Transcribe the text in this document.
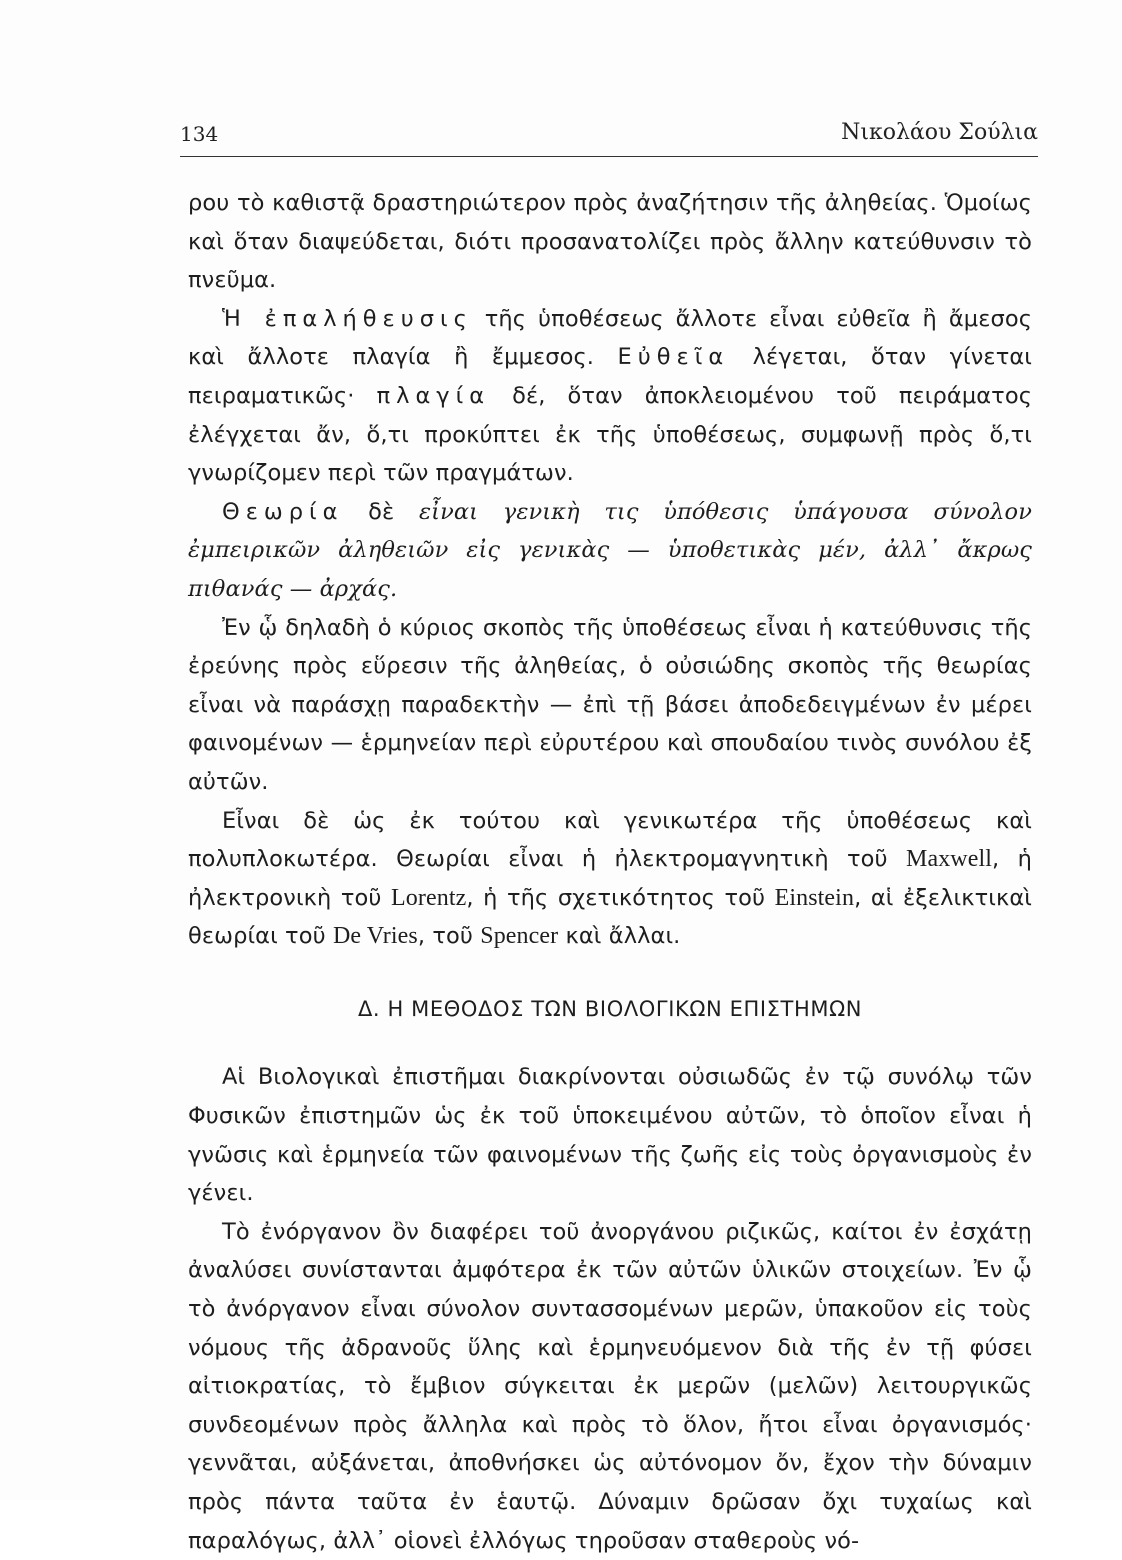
134	Νικολάου Σούλια

ρου τὸ καθιστᾷ δραστηριώτερον πρὸς ἀναζήτησιν τῆς ἀληθείας. Ὁμοίως καὶ ὅταν διαψεύδεται, διότι προσανατολίζει πρὸς ἄλλην κατεύθυνσιν τὸ πνεῦμα.

Ἡ ἐπαλήθευσις τῆς ὑποθέσεως ἄλλοτε εἶναι εὐθεῖα ἢ ἄμεσος καὶ ἄλλοτε πλαγία ἢ ἔμμεσος. Εὐθεῖα λέγεται, ὅταν γίνεται πειραματικῶς· πλαγία δέ, ὅταν ἀποκλειομένου τοῦ πειράματος ἐλέγχεται ἄν, ὅ,τι προκύπτει ἐκ τῆς ὑποθέσεως, συμφωνῇ πρὸς ὅ,τι γνωρίζομεν περὶ τῶν πραγμάτων.

Θεωρία δὲ εἶναι γενικὴ τις ὑπόθεσις ὑπάγουσα σύνολον ἐμπειρικῶν ἀληθειῶν εἰς γενικὰς — ὑποθετικὰς μέν, ἀλλ᾽ ἄκρως πιθανάς — ἀρχάς.

Ἐν ᾧ δηλαδὴ ὁ κύριος σκοπὸς τῆς ὑποθέσεως εἶναι ἡ κατεύθυνσις τῆς ἐρεύνης πρὸς εὕρεσιν τῆς ἀληθείας, ὁ οὐσιώδης σκοπὸς τῆς θεωρίας εἶναι νὰ παράσχῃ παραδεκτὴν — ἐπὶ τῇ βάσει ἀποδεδειγμένων ἐν μέρει φαινομένων — ἑρμηνείαν περὶ εὐρυτέρου καὶ σπουδαίου τινὸς συνόλου ἐξ αὐτῶν.

Εἶναι δὲ ὡς ἐκ τούτου καὶ γενικωτέρα τῆς ὑποθέσεως καὶ πολυπλοκωτέρα. Θεωρίαι εἶναι ἡ ἠλεκτρομαγνητικὴ τοῦ Maxwell, ἡ ἠλεκτρονικὴ τοῦ Lorentz, ἡ τῆς σχετικότητος τοῦ Einstein, αἱ ἐξελικτικαὶ θεωρίαι τοῦ De Vries, τοῦ Spencer καὶ ἄλλαι.

Δ. Η ΜΕΘΟΔΟΣ ΤΩΝ ΒΙΟΛΟΓΙΚΩΝ ΕΠΙΣΤΗΜΩΝ

Αἱ Βιολογικαὶ ἐπιστῆμαι διακρίνονται οὐσιωδῶς ἐν τῷ συνόλῳ τῶν Φυσικῶν ἐπιστημῶν ὡς ἐκ τοῦ ὑποκειμένου αὐτῶν, τὸ ὁποῖον εἶναι ἡ γνῶσις καὶ ἑρμηνεία τῶν φαινομένων τῆς ζωῆς εἰς τοὺς ὀργανισμοὺς ἐν γένει.

Τὸ ἐνόργανον ὂν διαφέρει τοῦ ἀνοργάνου ριζικῶς, καίτοι ἐν ἐσχάτῃ ἀναλύσει συνίστανται ἀμφότερα ἐκ τῶν αὐτῶν ὑλικῶν στοιχείων. Ἐν ᾧ τὸ ἀνόργανον εἶναι σύνολον συντασσομένων μερῶν, ὑπακοῦον εἰς τοὺς νόμους τῆς ἀδρανοῦς ὕλης καὶ ἑρμηνευόμενον διὰ τῆς ἐν τῇ φύσει αἰτιοκρατίας, τὸ ἔμβιον σύγκειται ἐκ μερῶν (μελῶν) λειτουργικῶς συνδεομένων πρὸς ἄλληλα καὶ πρὸς τὸ ὅλον, ἤτοι εἶναι ὀργανισμός· γεννᾶται, αὐξάνεται, ἀποθνήσκει ὡς αὐτόνομον ὄν, ἔχον τὴν δύναμιν πρὸς πάντα ταῦτα ἐν ἑαυτῷ. Δύναμιν δρῶσαν ὄχι τυχαίως καὶ παραλόγως, ἀλλ᾽ οἱονεὶ ἐλλόγως τηροῦσαν σταθεροὺς νό-
